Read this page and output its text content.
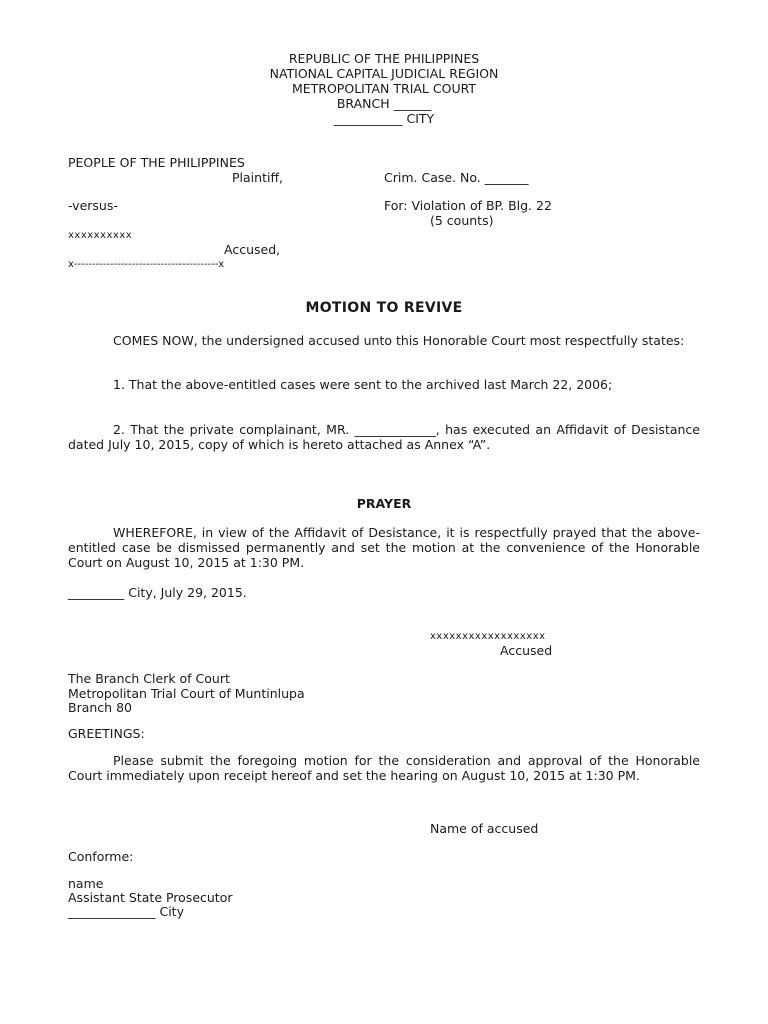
REPUBLIC OF THE PHILIPPINES
NATIONAL CAPITAL JUDICIAL REGION
METROPOLITAN TRIAL COURT
BRANCH ______
___________ CITY
PEOPLE OF THE PHILIPPINES
Plaintiff,	Crim. Case. No. _______
-versus-	For: Violation of BP. Blg. 22
(5 counts)
xxxxxxxxxx
Accused,
x----------------------------------------x
MOTION TO REVIVE
COMES NOW, the undersigned accused unto this Honorable Court most respectfully states:
1. That the above-entitled cases were sent to the archived last March 22, 2006;
2. That the private complainant, MR. _____________, has executed an Affidavit of Desistance dated July 10, 2015, copy of which is hereto attached as Annex “A”.
PRAYER
WHEREFORE, in view of the Affidavit of Desistance, it is respectfully prayed that the above-entitled case be dismissed permanently and set the motion at the convenience of the Honorable Court on August 10, 2015 at 1:30 PM.
_________ City, July 29, 2015.
xxxxxxxxxxxxxxxxxx
Accused
The Branch Clerk of Court
Metropolitan Trial Court of Muntinlupa
Branch 80
GREETINGS:
Please submit the foregoing motion for the consideration and approval of the Honorable Court immediately upon receipt hereof and set the hearing on August 10, 2015 at 1:30 PM.
Name of accused
Conforme:
name
Assistant State Prosecutor
______________ City
